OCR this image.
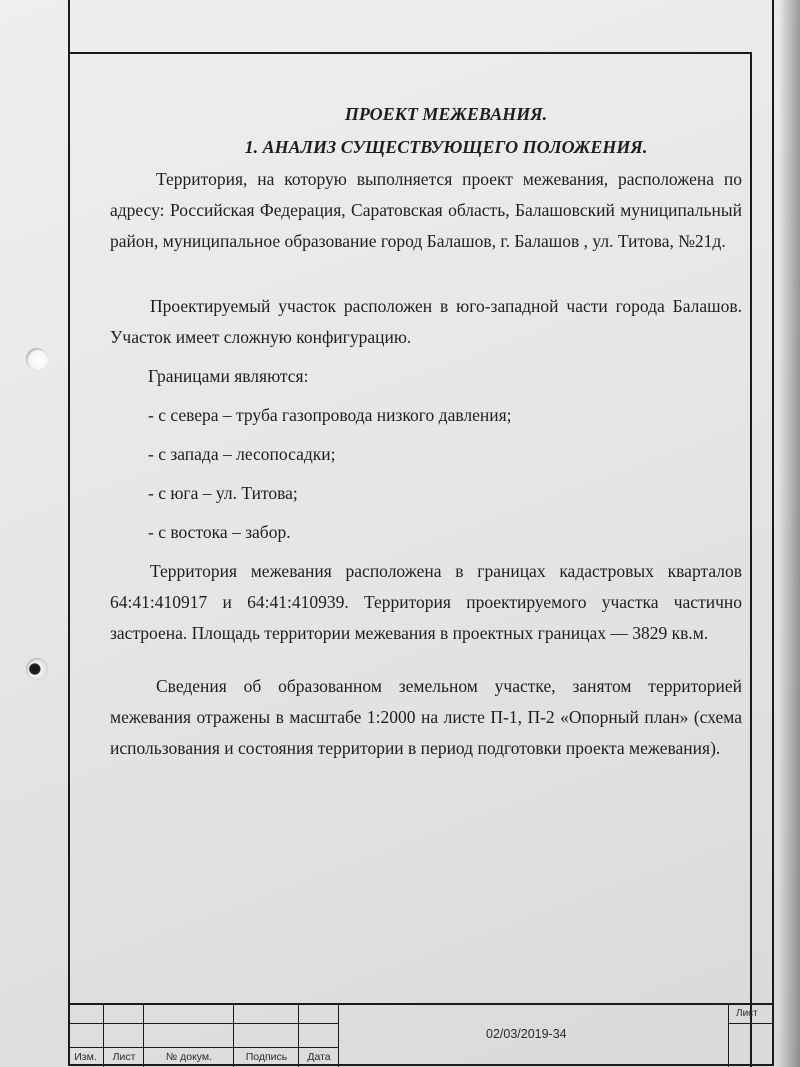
ПРОЕКТ МЕЖЕВАНИЯ.

1. АНАЛИЗ СУЩЕСТВУЮЩЕГО ПОЛОЖЕНИЯ.

Территория, на которую выполняется проект межевания, расположена по адресу: Российская Федерация, Саратовская область, Балашовский муниципальный район, муниципальное образование город Балашов, г. Балашов , ул. Титова, №21д.

Проектируемый участок расположен в юго-западной части города Балашов. Участок имеет сложную конфигурацию.

Границами являются:

- с севера – труба газопровода низкого давления;

- с запада – лесопосадки;

- с юга – ул. Титова;

- с востока – забор.

Территория межевания расположена в границах кадастровых кварталов 64:41:410917 и 64:41:410939. Территория проектируемого участка частично застроена. Площадь территории межевания в проектных границах — 3829 кв.м.

Сведения об образованном земельном участке, занятом территорией межевания отражены в масштабе 1:2000 на листе П-1, П-2 «Опорный план» (схема использования и состояния территории в период подготовки проекта межевания).

Изм.	Лист	№ докум.	Подпись	Дата
02/03/2019-34
Лист
